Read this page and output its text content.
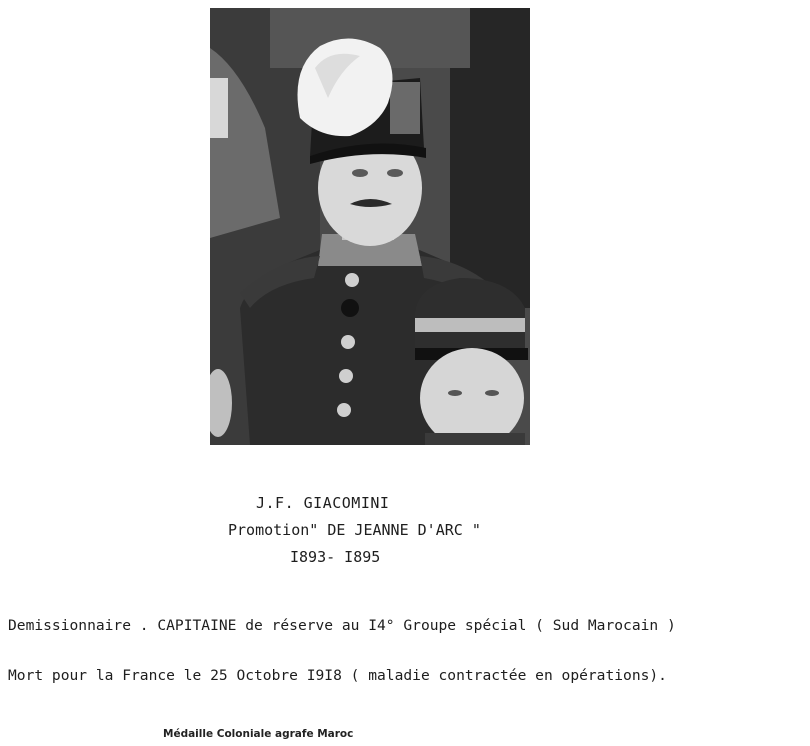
J.F. GIACOMINI
Promotion" DE JEANNE D'ARC "
I893- I895
Demissionnaire . CAPITAINE de réserve au I4° Groupe spécial ( Sud Marocain )
Mort pour la France le 25 Octobre I9I8 ( maladie contractée en opérations).
Médaille Coloniale agrafe Maroc
